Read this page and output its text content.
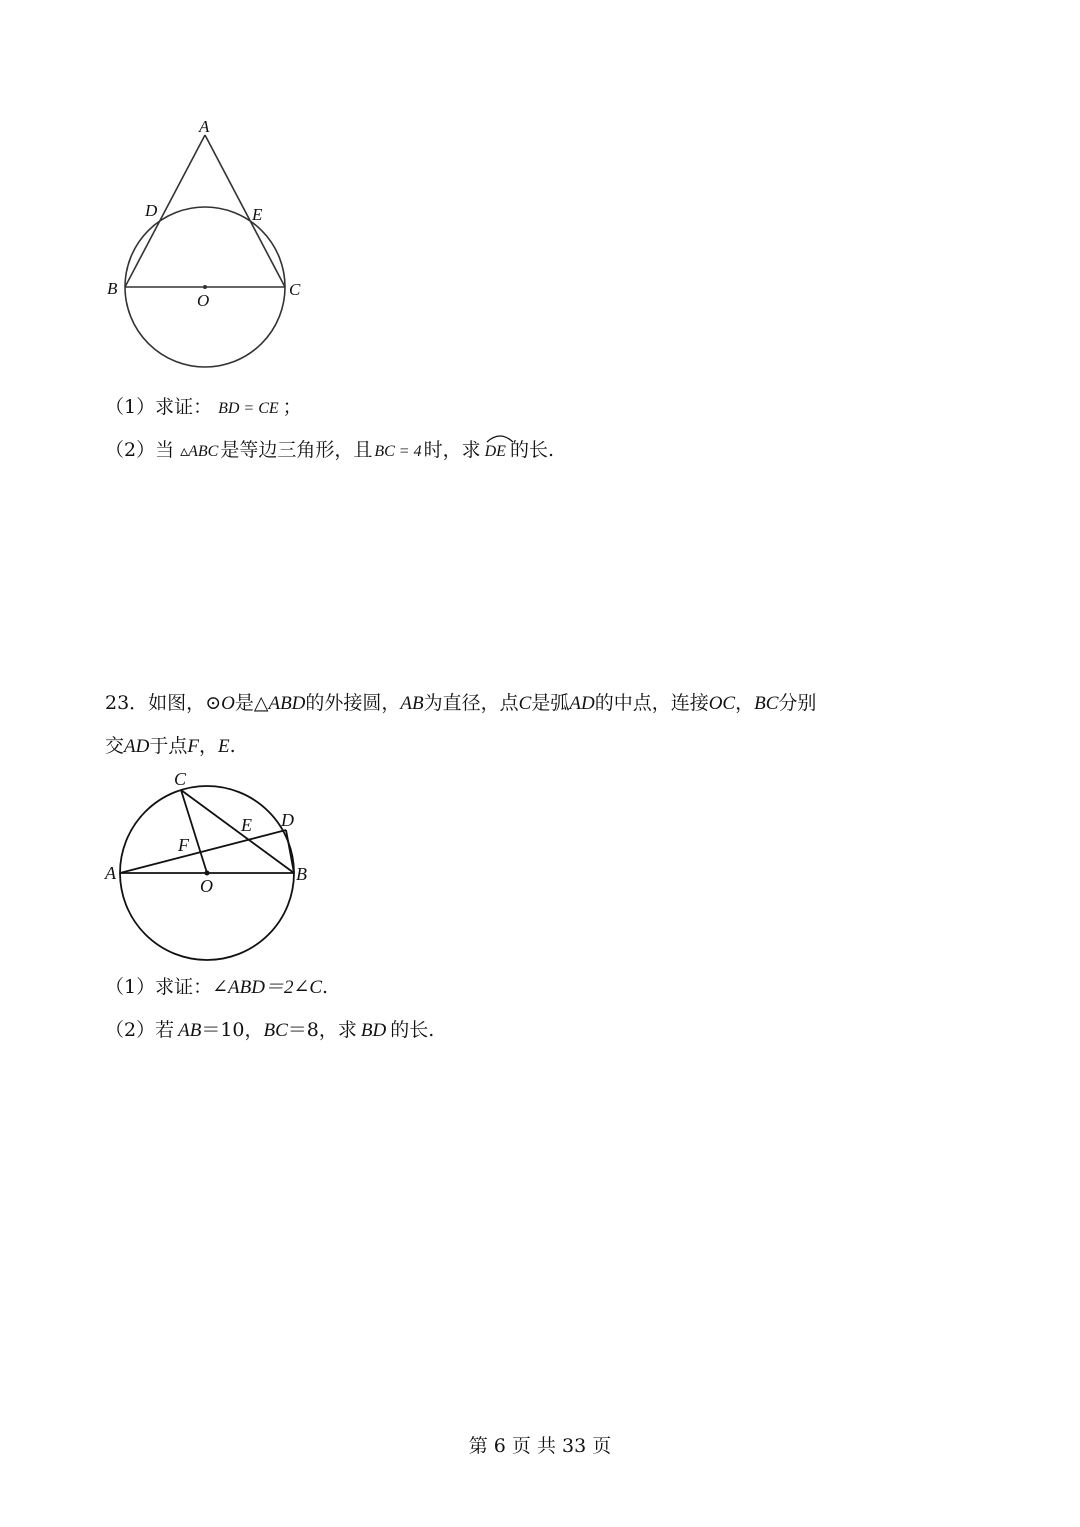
A
D	E
B
O
C
（1）求证： BD = CE ；
（2）当 ▵ABC 是等边三角形，且 BC = 4 时，求 DE 的长.
23．如图，⊙O是△ABD的外接圆，AB为直径，点C是弧AD的中点，连接OC，BC分别
交AD于点F，E.
C
E D
F
A
O
B
（1）求证：∠ABD＝2∠C.
（2）若 AB＝10，BC＝8，求 BD 的长.
第 6 页 共 33 页
